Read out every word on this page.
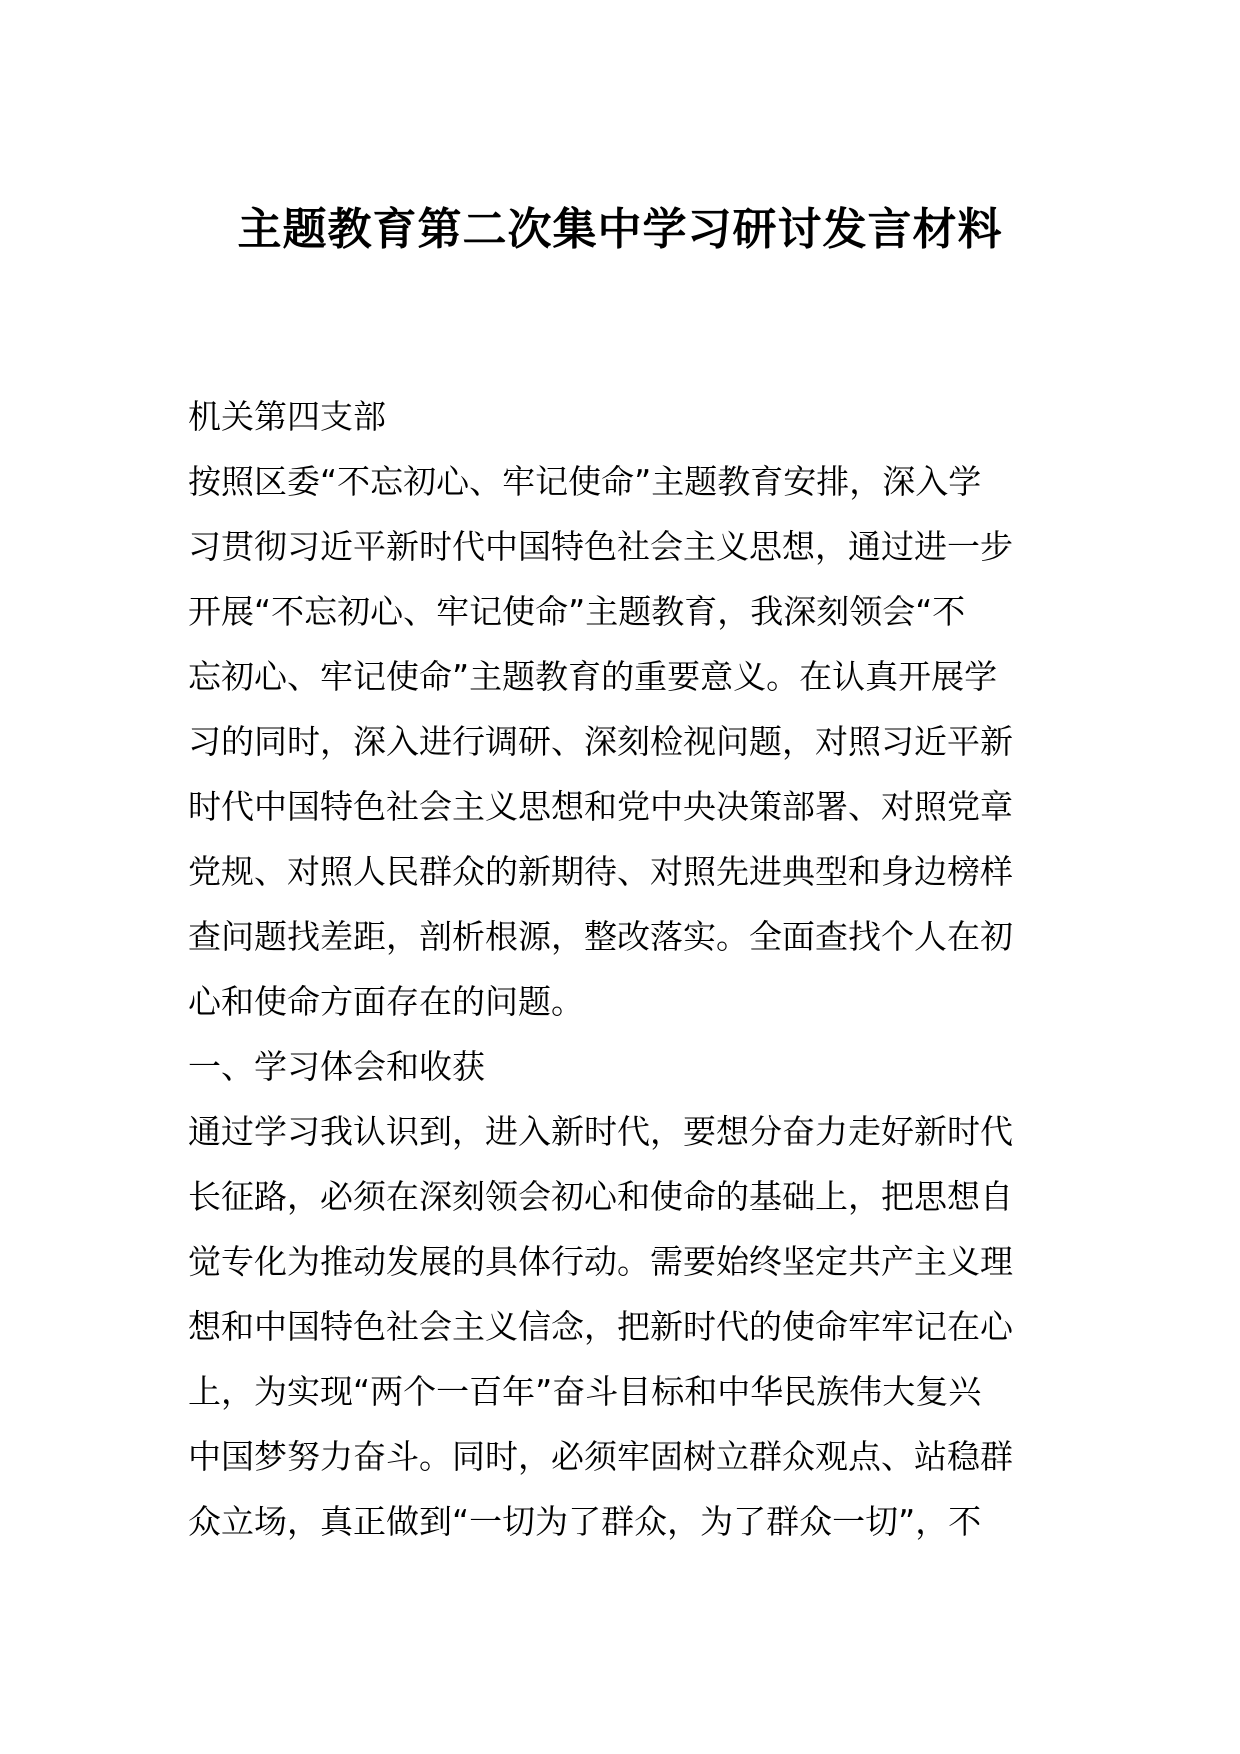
主题教育第二次集中学习研讨发言材料
机关第四支部
按照区委“不忘初心、牢记使命”主题教育安排，深入学
习贯彻习近平新时代中国特色社会主义思想，通过进一步
开展“不忘初心、牢记使命”主题教育，我深刻领会“不
忘初心、牢记使命”主题教育的重要意义。在认真开展学
习的同时，深入进行调研、深刻检视问题，对照习近平新
时代中国特色社会主义思想和党中央决策部署、对照党章
党规、对照人民群众的新期待、对照先进典型和身边榜样
查问题找差距，剖析根源，整改落实。全面查找个人在初
心和使命方面存在的问题。
一、学习体会和收获
通过学习我认识到，进入新时代，要想分奋力走好新时代
长征路，必须在深刻领会初心和使命的基础上，把思想自
觉专化为推动发展的具体行动。需要始终坚定共产主义理
想和中国特色社会主义信念，把新时代的使命牢牢记在心
上，为实现“两个一百年”奋斗目标和中华民族伟大复兴
中国梦努力奋斗。同时，必须牢固树立群众观点、站稳群
众立场，真正做到“一切为了群众，为了群众一切”，不
